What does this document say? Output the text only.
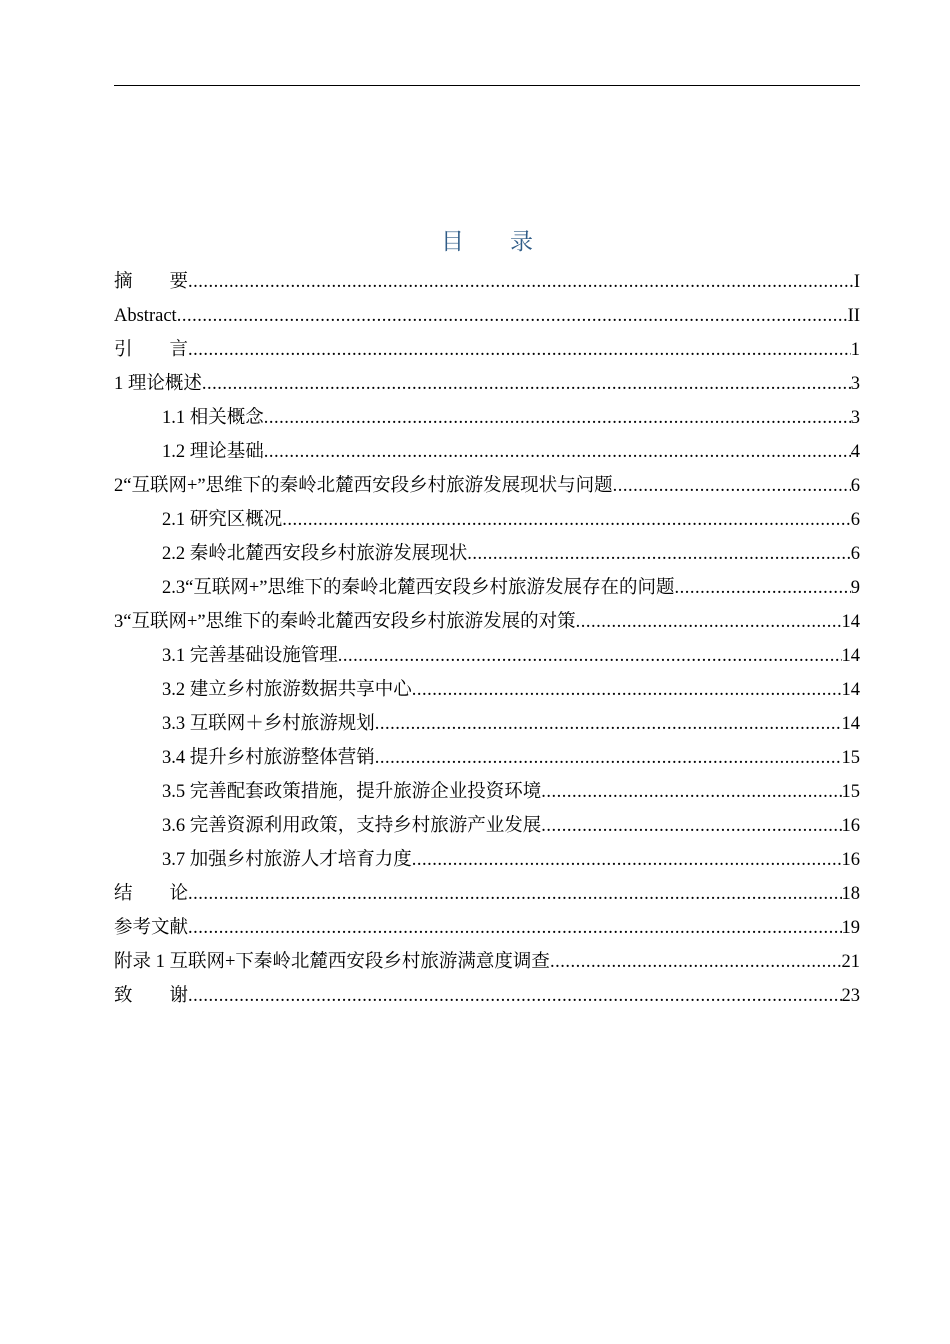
目　　录
摘　　要 .....	I
Abstract .....	II
引　　言 .....	1
1 理论概述 .....	3
1.1 相关概念 .....	3
1.2 理论基础 .....	4
2“互联网+”思维下的秦岭北麓西安段乡村旅游发展现状与问题 .....	6
2.1 研究区概况 .....	6
2.2 秦岭北麓西安段乡村旅游发展现状 .....	6
2.3“互联网+”思维下的秦岭北麓西安段乡村旅游发展存在的问题 .....	9
3“互联网+”思维下的秦岭北麓西安段乡村旅游发展的对策 .....	14
3.1 完善基础设施管理 .....	14
3.2 建立乡村旅游数据共享中心 .....	14
3.3 互联网＋乡村旅游规划 .....	14
3.4 提升乡村旅游整体营销 .....	15
3.5 完善配套政策措施，提升旅游企业投资环境 .....	15
3.6 完善资源利用政策，支持乡村旅游产业发展 .....	16
3.7 加强乡村旅游人才培育力度 .....	16
结　　论 .....	18
参考文献 .....	19
附录 1 互联网+下秦岭北麓西安段乡村旅游满意度调查 .....	21
致　　谢 .....	23
